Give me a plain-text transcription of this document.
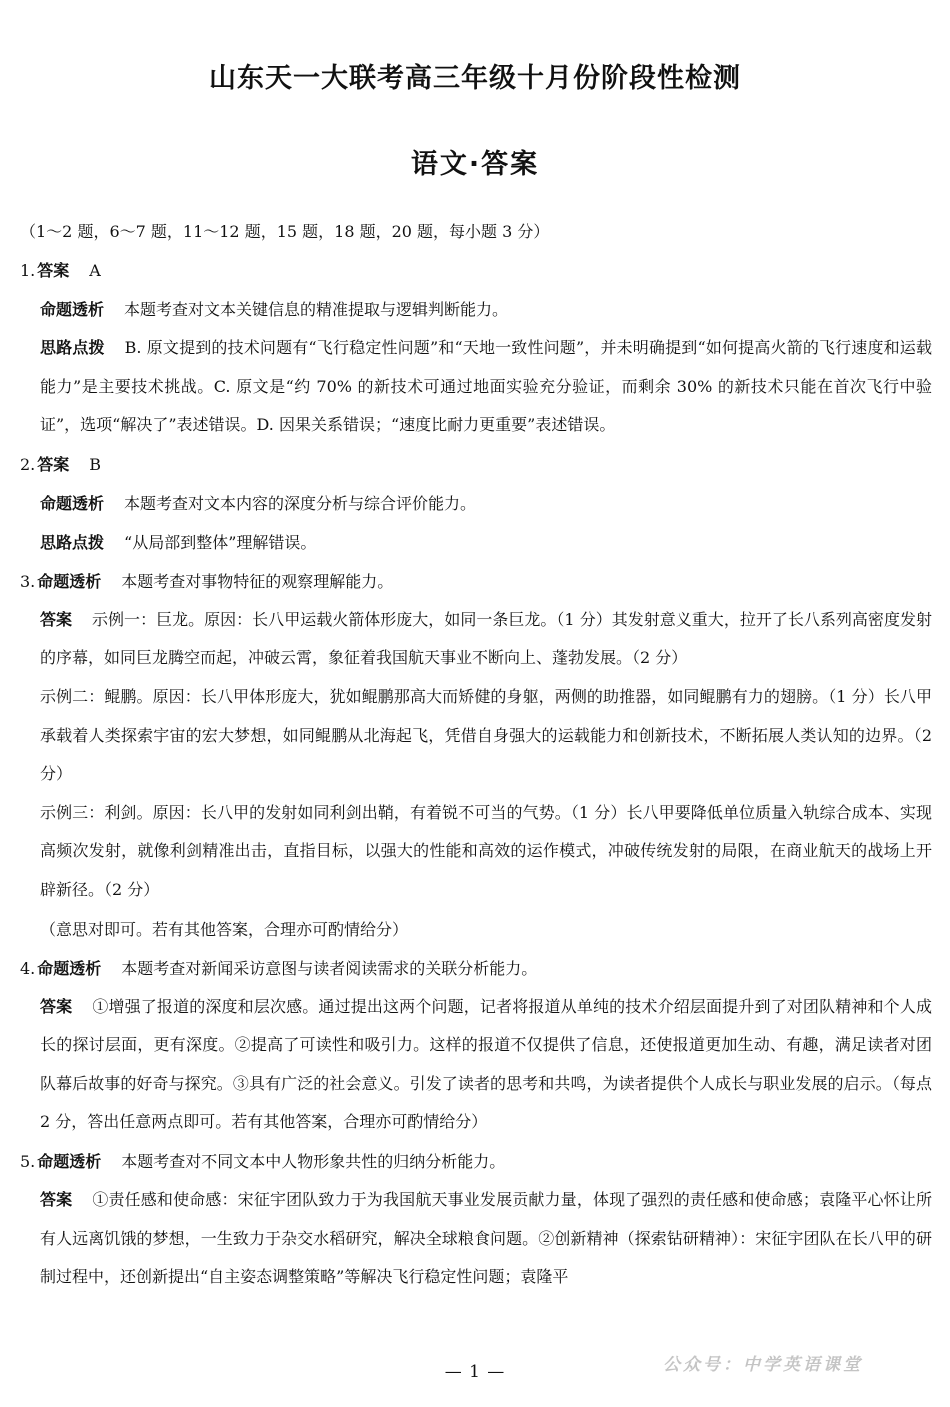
山东天一大联考高三年级十月份阶段性检测
语文·答案
（1～2 题，6～7 题，11～12 题，15 题，18 题，20 题，每小题 3 分）
1. 答案 A
命题透析 本题考查对文本关键信息的精准提取与逻辑判断能力。
思路点拨 B. 原文提到的技术问题有“飞行稳定性问题”和“天地一致性问题”，并未明确提到“如何提高火箭的飞行速度和运载能力”是主要技术挑战。C. 原文是“约 70% 的新技术可通过地面实验充分验证，而剩余 30% 的新技术只能在首次飞行中验证”，选项“解决了”表述错误。D. 因果关系错误；“速度比耐力更重要”表述错误。
2. 答案 B
命题透析 本题考查对文本内容的深度分析与综合评价能力。
思路点拨 “从局部到整体”理解错误。
3. 命题透析 本题考查对事物特征的观察理解能力。
答案 示例一：巨龙。原因：长八甲运载火箭体形庞大，如同一条巨龙。（1 分）其发射意义重大，拉开了长八系列高密度发射的序幕，如同巨龙腾空而起，冲破云霄，象征着我国航天事业不断向上、蓬勃发展。（2 分）
示例二：鲲鹏。原因：长八甲体形庞大，犹如鲲鹏那高大而矫健的身躯，两侧的助推器，如同鲲鹏有力的翅膀。（1 分）长八甲承载着人类探索宇宙的宏大梦想，如同鲲鹏从北海起飞，凭借自身强大的运载能力和创新技术，不断拓展人类认知的边界。（2 分）
示例三：利剑。原因：长八甲的发射如同利剑出鞘，有着锐不可当的气势。（1 分）长八甲要降低单位质量入轨综合成本、实现高频次发射，就像利剑精准出击，直指目标，以强大的性能和高效的运作模式，冲破传统发射的局限，在商业航天的战场上开辟新径。（2 分）
（意思对即可。若有其他答案，合理亦可酌情给分）
4. 命题透析 本题考查对新闻采访意图与读者阅读需求的关联分析能力。
答案 ①增强了报道的深度和层次感。通过提出这两个问题，记者将报道从单纯的技术介绍层面提升到了对团队精神和个人成长的探讨层面，更有深度。②提高了可读性和吸引力。这样的报道不仅提供了信息，还使报道更加生动、有趣，满足读者对团队幕后故事的好奇与探究。③具有广泛的社会意义。引发了读者的思考和共鸣，为读者提供个人成长与职业发展的启示。（每点 2 分，答出任意两点即可。若有其他答案，合理亦可酌情给分）
5. 命题透析 本题考查对不同文本中人物形象共性的归纳分析能力。
答案 ①责任感和使命感：宋征宇团队致力于为我国航天事业发展贡献力量，体现了强烈的责任感和使命感；袁隆平心怀让所有人远离饥饿的梦想，一生致力于杂交水稻研究，解决全球粮食问题。②创新精神（探索钻研精神）：宋征宇团队在长八甲的研制过程中，还创新提出“自主姿态调整策略”等解决飞行稳定性问题；袁隆平
公众号：中学英语课堂
— 1 —
